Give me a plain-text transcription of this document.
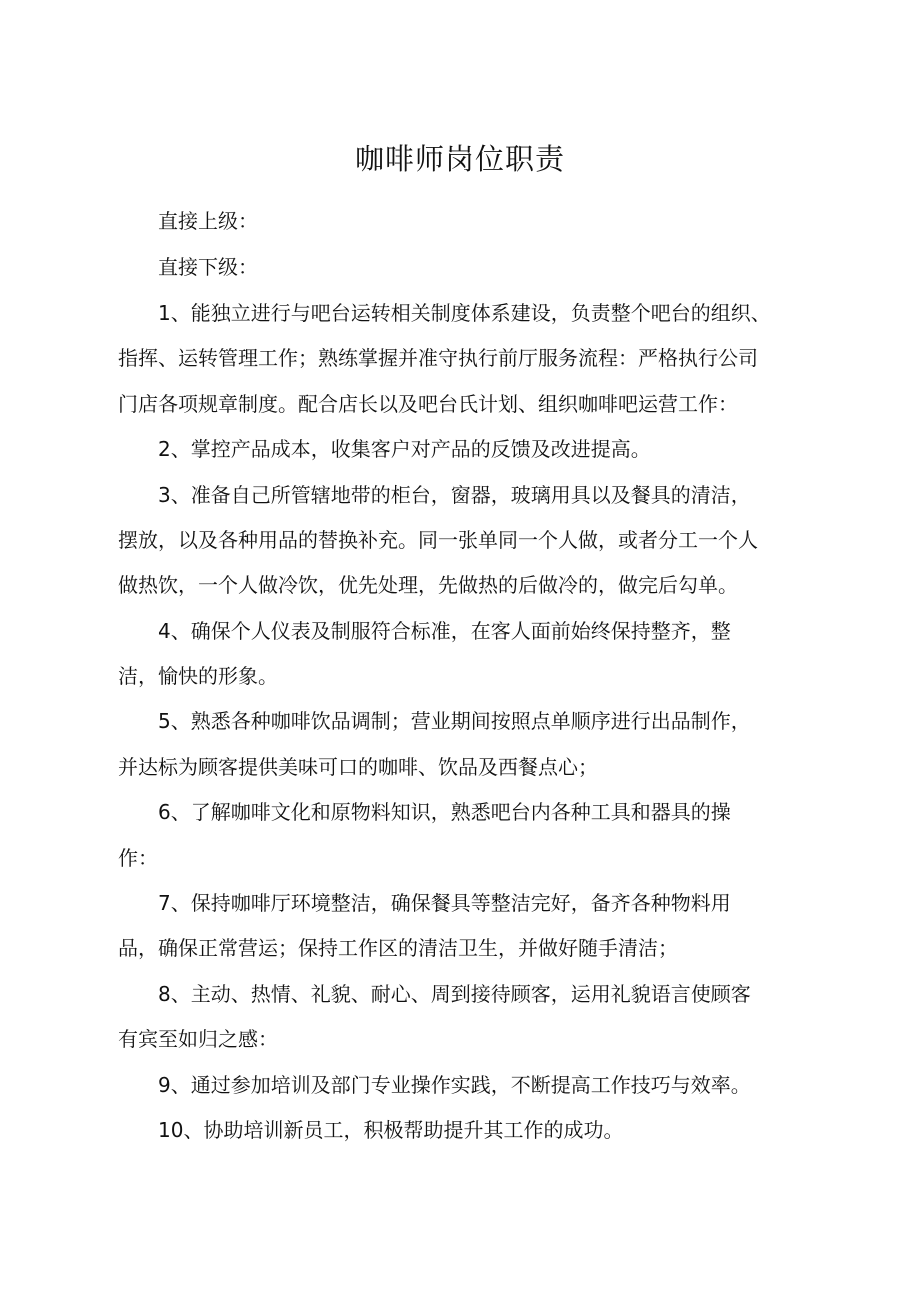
咖啡师岗位职责
直接上级：
直接下级：
1、能独立进行与吧台运转相关制度体系建设，负责整个吧台的组织、
指挥、运转管理工作；熟练掌握并准守执行前厅服务流程：严格执行公司
门店各项规章制度。配合店长以及吧台氏计划、组织咖啡吧运营工作：
2、掌控产品成本，收集客户对产品的反馈及改进提高。
3、准备自己所管辖地带的柜台，窗器，玻璃用具以及餐具的清洁，
摆放，以及各种用品的替换补充。同一张单同一个人做，或者分工一个人
做热饮，一个人做冷饮，优先处理，先做热的后做冷的，做完后勾单。
4、确保个人仪表及制服符合标准，在客人面前始终保持整齐，整
洁，愉快的形象。
5、熟悉各种咖啡饮品调制；营业期间按照点单顺序进行出品制作，
并达标为顾客提供美味可口的咖啡、饮品及西餐点心；
6、了解咖啡文化和原物料知识，熟悉吧台内各种工具和器具的操
作：
7、保持咖啡厅环境整洁，确保餐具等整洁完好，备齐各种物料用
品，确保正常营运；保持工作区的清洁卫生，并做好随手清洁；
8、主动、热情、礼貌、耐心、周到接待顾客，运用礼貌语言使顾客
有宾至如归之感：
9、通过参加培训及部门专业操作实践，不断提高工作技巧与效率。
10、协助培训新员工，积极帮助提升其工作的成功。
